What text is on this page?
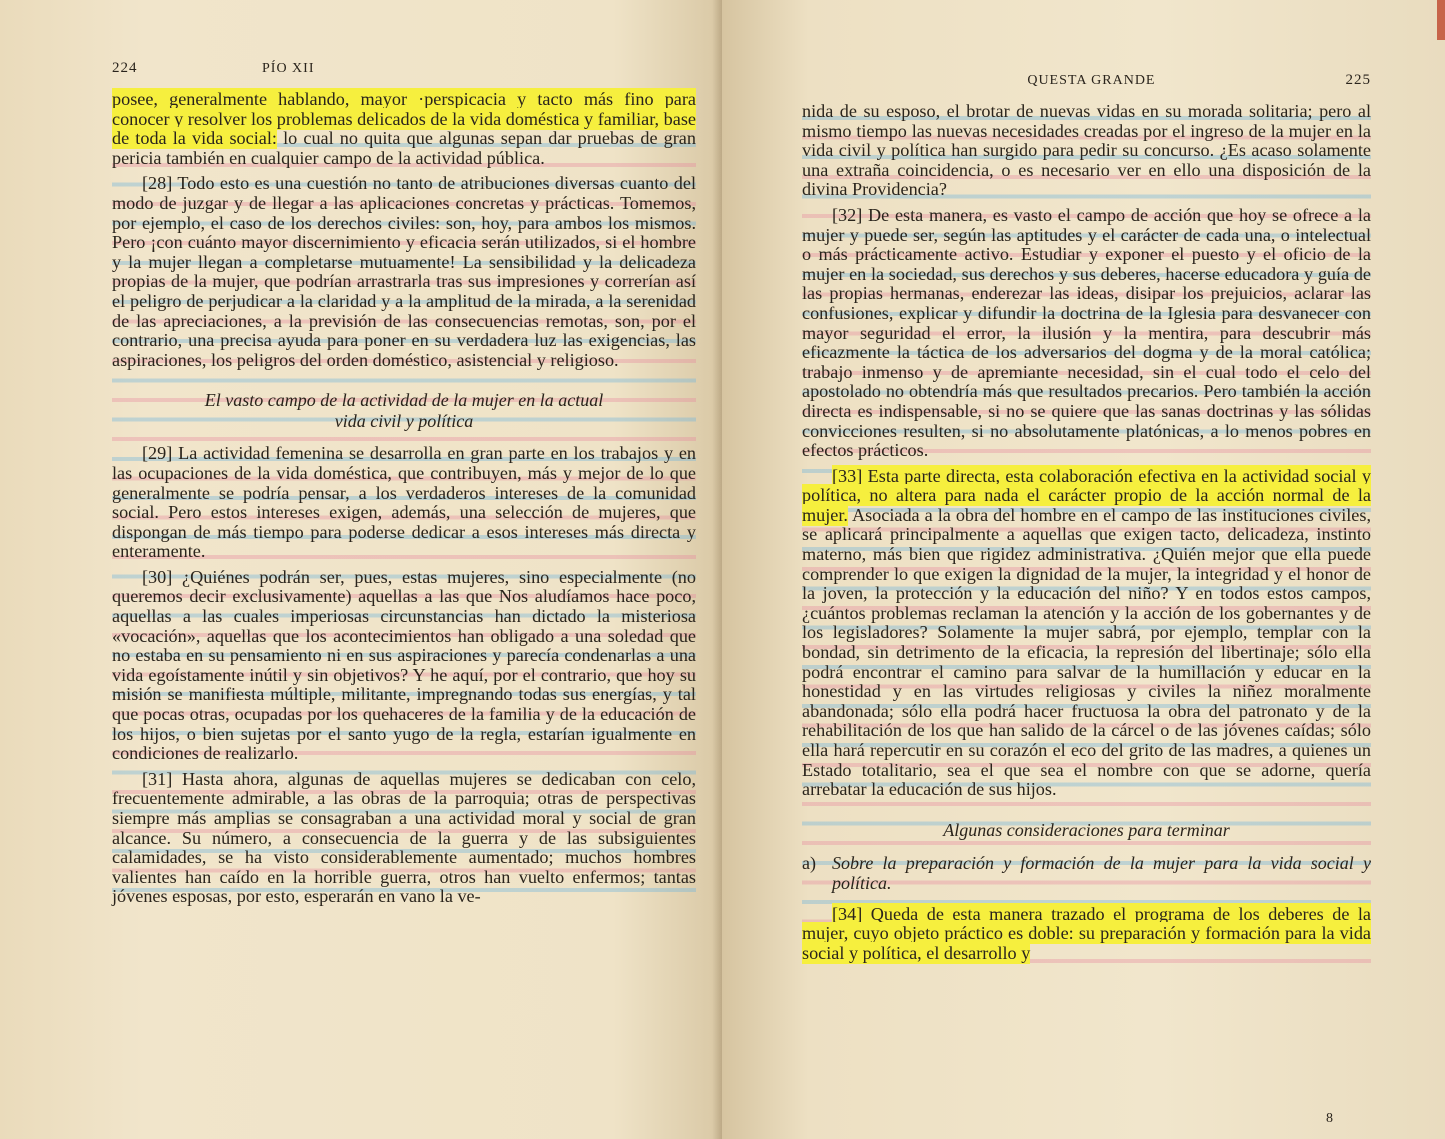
224	PÍO XII

posee, generalmente hablando, mayor ·perspicacia y tacto más fino para conocer y resolver los problemas delicados de la vida doméstica y familiar, base de toda la vida social: lo cual no quita que algunas sepan dar pruebas de gran pericia también en cualquier campo de la actividad pública.

[28] Todo esto es una cuestión no tanto de atribuciones diversas cuanto del modo de juzgar y de llegar a las aplicaciones concretas y prácticas. Tomemos, por ejemplo, el caso de los derechos civiles: son, hoy, para ambos los mismos. Pero ¡con cuánto mayor discernimiento y eficacia serán utilizados, si el hombre y la mujer llegan a completarse mutuamente! La sensibilidad y la delicadeza propias de la mujer, que podrían arrastrarla tras sus impresiones y correrían así el peligro de perjudicar a la claridad y a la amplitud de la mirada, a la serenidad de las apreciaciones, a la previsión de las consecuencias remotas, son, por el contrario, una precisa ayuda para poner en su verdadera luz las exigencias, las aspiraciones, los peligros del orden doméstico, asistencial y religioso.

El vasto campo de la actividad de la mujer en la actual
vida civil y política

[29] La actividad femenina se desarrolla en gran parte en los trabajos y en las ocupaciones de la vida doméstica, que contribuyen, más y mejor de lo que generalmente se podría pensar, a los verdaderos intereses de la comunidad social. Pero estos intereses exigen, además, una selección de mujeres, que dispongan de más tiempo para poderse dedicar a esos intereses más directa y enteramente.

[30] ¿Quiénes podrán ser, pues, estas mujeres, sino especialmente (no queremos decir exclusivamente) aquellas a las que Nos aludíamos hace poco, aquellas a las cuales imperiosas circunstancias han dictado la misteriosa «vocación», aquellas que los acontecimientos han obligado a una soledad que no estaba en su pensamiento ni en sus aspiraciones y parecía condenarlas a una vida egoístamente inútil y sin objetivos? Y he aquí, por el contrario, que hoy su misión se manifiesta múltiple, militante, impregnando todas sus energías, y tal que pocas otras, ocupadas por los quehaceres de la familia y de la educación de los hijos, o bien sujetas por el santo yugo de la regla, estarían igualmente en condiciones de realizarlo.

[31] Hasta ahora, algunas de aquellas mujeres se dedicaban con celo, frecuentemente admirable, a las obras de la parroquia; otras de perspectivas siempre más amplias se consagraban a una actividad moral y social de gran alcance. Su número, a consecuencia de la guerra y de las subsiguientes calamidades, se ha visto considerablemente aumentado; muchos hombres valientes han caído en la horrible guerra, otros han vuelto enfermos; tantas jóvenes esposas, por esto, esperarán en vano la ve-

QUESTA GRANDE	225

nida de su esposo, el brotar de nuevas vidas en su morada solitaria; pero al mismo tiempo las nuevas necesidades creadas por el ingreso de la mujer en la vida civil y política han surgido para pedir su concurso. ¿Es acaso solamente una extraña coincidencia, o es necesario ver en ello una disposición de la divina Providencia?

[32] De esta manera, es vasto el campo de acción que hoy se ofrece a la mujer y puede ser, según las aptitudes y el carácter de cada una, o intelectual o más prácticamente activo. Estudiar y exponer el puesto y el oficio de la mujer en la sociedad, sus derechos y sus deberes, hacerse educadora y guía de las propias hermanas, enderezar las ideas, disipar los prejuicios, aclarar las confusiones, explicar y difundir la doctrina de la Iglesia para desvanecer con mayor seguridad el error, la ilusión y la mentira, para descubrir más eficazmente la táctica de los adversarios del dogma y de la moral católica; trabajo inmenso y de apremiante necesidad, sin el cual todo el celo del apostolado no obtendría más que resultados precarios. Pero también la acción directa es indispensable, si no se quiere que las sanas doctrinas y las sólidas convicciones resulten, si no absolutamente platónicas, a lo menos pobres en efectos prácticos.

[33] Esta parte directa, esta colaboración efectiva en la actividad social y política, no altera para nada el carácter propio de la acción normal de la mujer. Asociada a la obra del hombre en el campo de las instituciones civiles, se aplicará principalmente a aquellas que exigen tacto, delicadeza, instinto materno, más bien que rigidez administrativa. ¿Quién mejor que ella puede comprender lo que exigen la dignidad de la mujer, la integridad y el honor de la joven, la protección y la educación del niño? Y en todos estos campos, ¿cuántos problemas reclaman la atención y la acción de los gobernantes y de los legisladores? Solamente la mujer sabrá, por ejemplo, templar con la bondad, sin detrimento de la eficacia, la represión del libertinaje; sólo ella podrá encontrar el camino para salvar de la humillación y educar en la honestidad y en las virtudes religiosas y civiles la niñez moralmente abandonada; sólo ella podrá hacer fructuosa la obra del patronato y de la rehabilitación de los que han salido de la cárcel o de las jóvenes caídas; sólo ella hará repercutir en su corazón el eco del grito de las madres, a quienes un Estado totalitario, sea el que sea el nombre con que se adorne, quería arrebatar la educación de sus hijos.

Algunas consideraciones para terminar
a) Sobre la preparación y formación de la mujer para la vida social y política.

[34] Queda de esta manera trazado el programa de los deberes de la mujer, cuyo objeto práctico es doble: su preparación y formación para la vida social y política, el desarrollo y

8
